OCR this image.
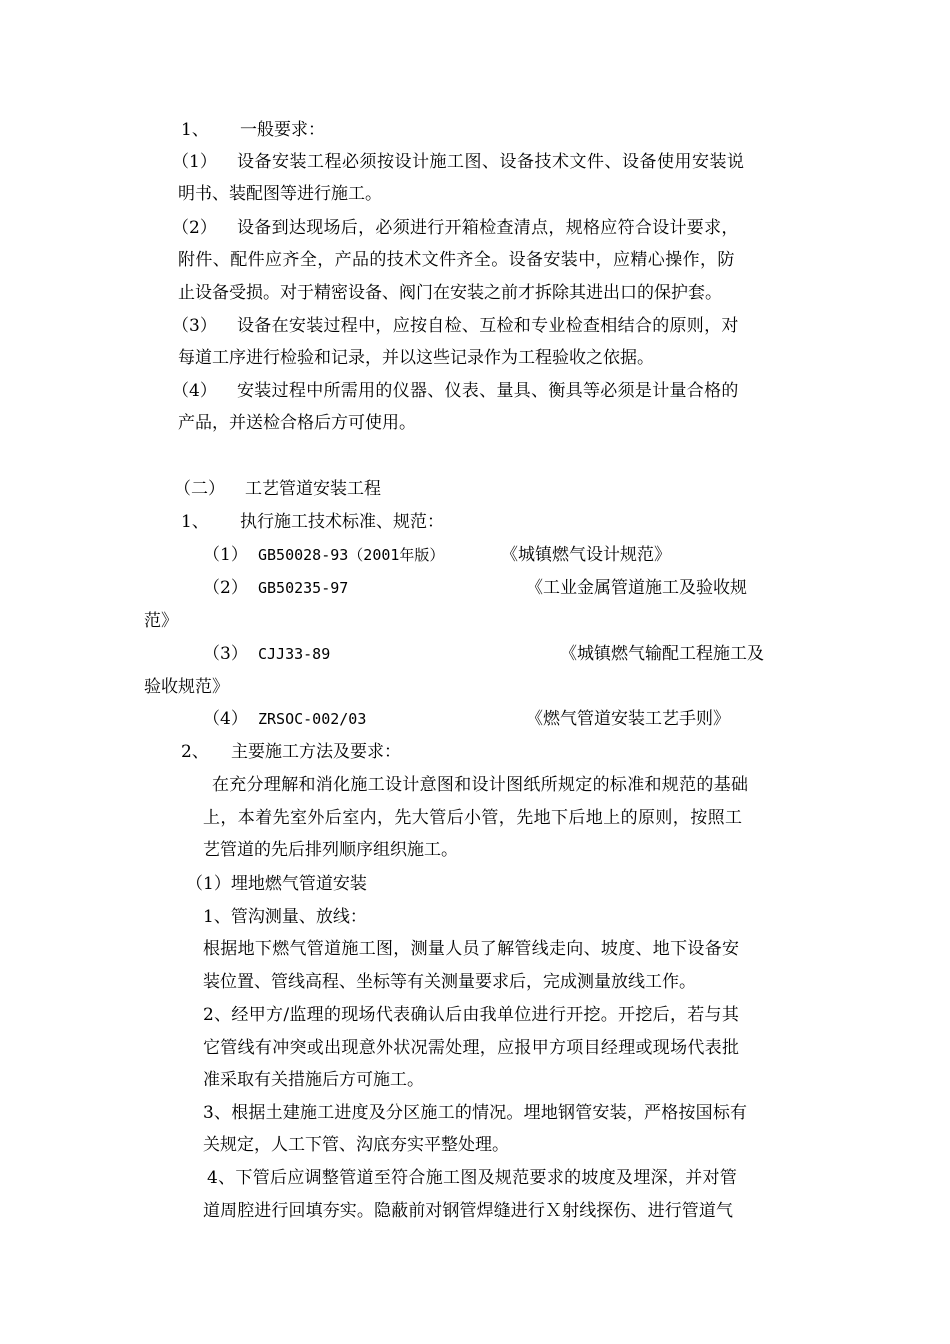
1、 一般要求：
（1） 设备安装工程必须按设计施工图、设备技术文件、设备使用安装说
明书、装配图等进行施工。
（2） 设备到达现场后，必须进行开箱检查清点，规格应符合设计要求，
附件、配件应齐全，产品的技术文件齐全。设备安装中，应精心操作，防
止设备受损。对于精密设备、阀门在安装之前才拆除其进出口的保护套。
（3） 设备在安装过程中，应按自检、互检和专业检查相结合的原则，对
每道工序进行检验和记录，并以这些记录作为工程验收之依据。
（4） 安装过程中所需用的仪器、仪表、量具、衡具等必须是计量合格的
产品，并送检合格后方可使用。
（二） 工艺管道安装工程
1、 执行施工技术标准、规范：
（1） GB50028-93（2001年版）	《城镇燃气设计规范》
（2） GB50235-97	《工业金属管道施工及验收规
范》
（3） CJJ33-89	《城镇燃气输配工程施工及
验收规范》
（4） ZRSOC-002/03	《燃气管道安装工艺手则》
2、 主要施工方法及要求：
在充分理解和消化施工设计意图和设计图纸所规定的标准和规范的基础
上，本着先室外后室内，先大管后小管，先地下后地上的原则，按照工
艺管道的先后排列顺序组织施工。
（1）埋地燃气管道安装
1、管沟测量、放线：
根据地下燃气管道施工图，测量人员了解管线走向、坡度、地下设备安
装位置、管线高程、坐标等有关测量要求后，完成测量放线工作。
2、经甲方/监理的现场代表确认后由我单位进行开挖。开挖后，若与其
它管线有冲突或出现意外状况需处理，应报甲方项目经理或现场代表批
准采取有关措施后方可施工。
3、根据土建施工进度及分区施工的情况。埋地钢管安装，严格按国标有
关规定，人工下管、沟底夯实平整处理。
4、下管后应调整管道至符合施工图及规范要求的坡度及埋深，并对管
道周腔进行回填夯实。隐蔽前对钢管焊缝进行Ｘ射线探伤、进行管道气
